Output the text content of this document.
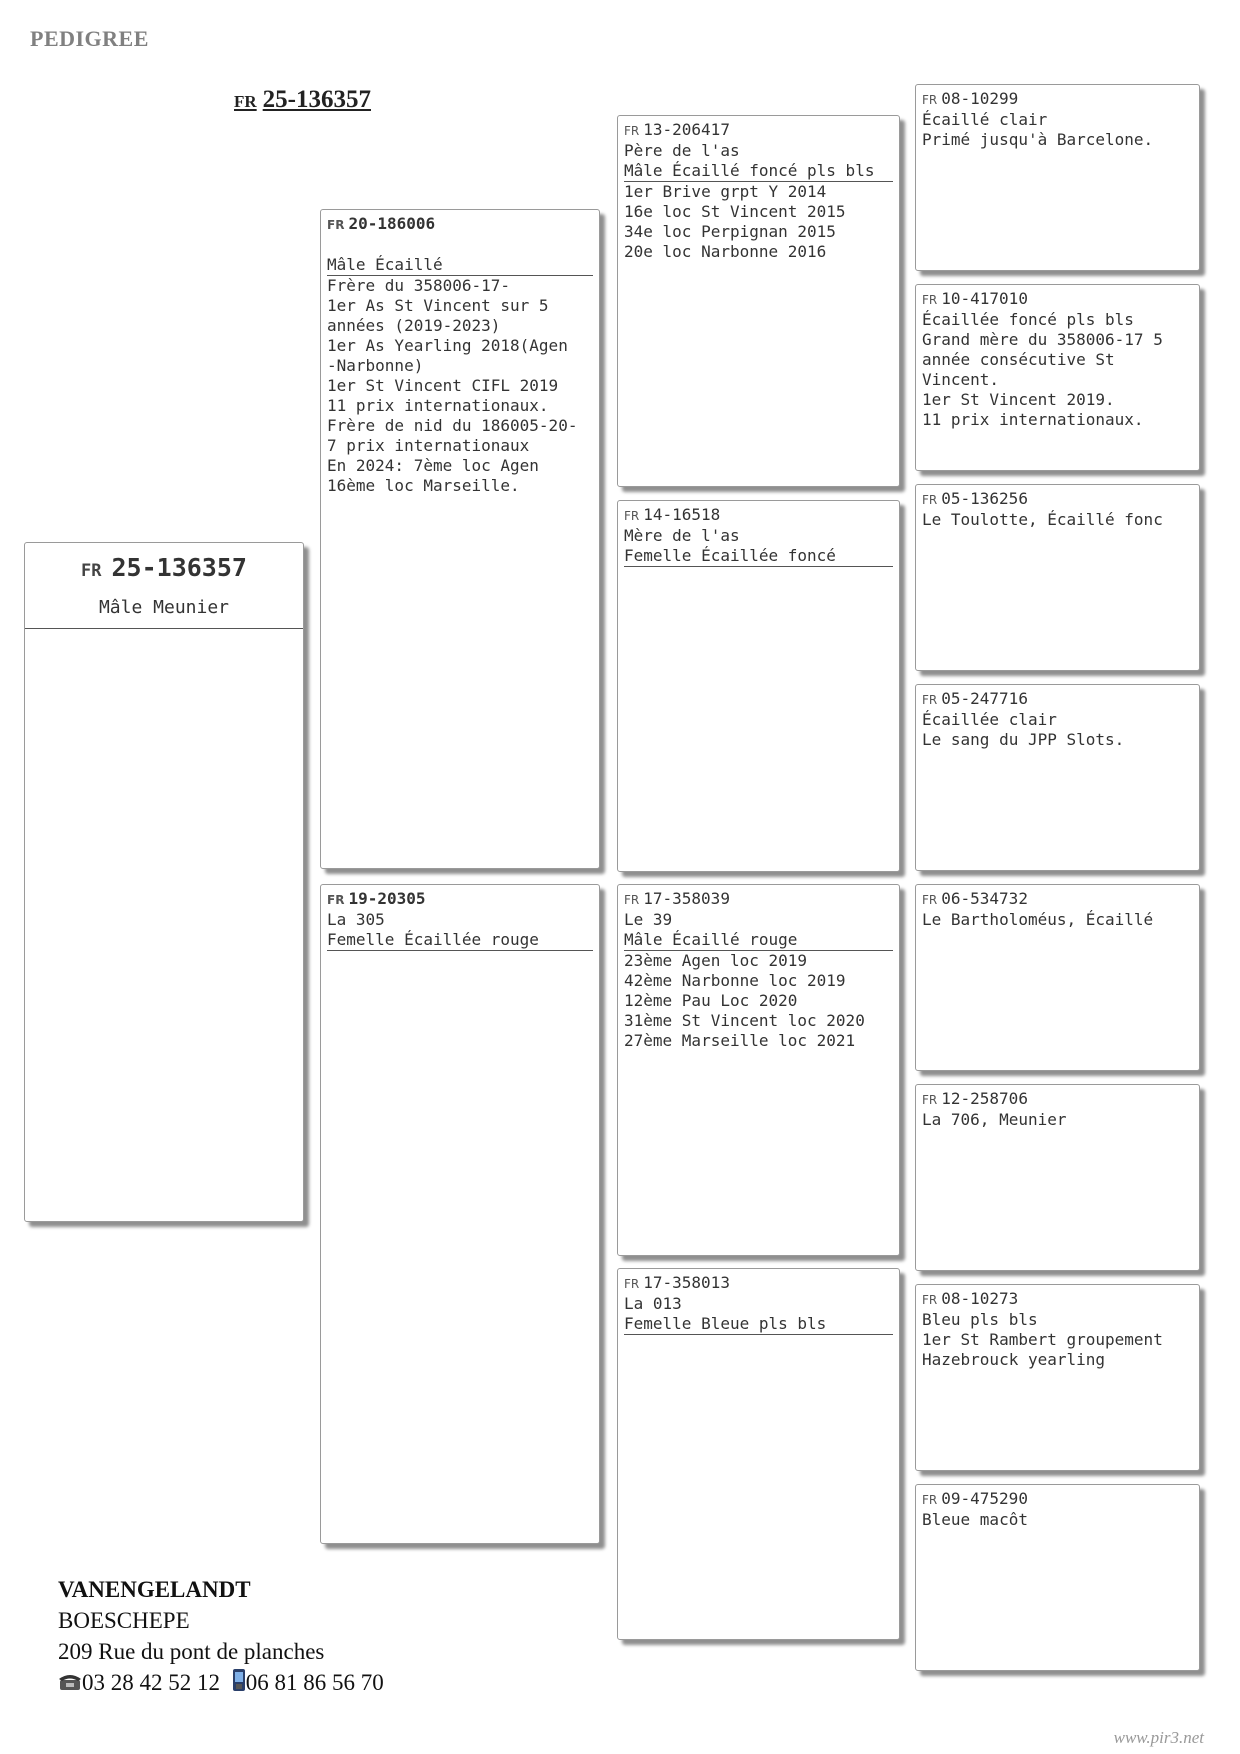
PEDIGREE
FR 25-136357
FR 25-136357
Mâle Meunier
FR 20-186006
Mâle Écaillé
Frère du 358006-17-
1er As St Vincent sur 5
années (2019-2023)
1er As Yearling 2018(Agen
-Narbonne)
1er St Vincent CIFL 2019
11 prix internationaux.
Frère de nid du 186005-20-
7 prix internationaux
En 2024: 7ème loc Agen
16ème loc Marseille.
FR 19-20305
La 305
Femelle Écaillée rouge
FR 13-206417
Père de l'as
Mâle Écaillé foncé pls bls
1er Brive grpt Y 2014
16e loc St Vincent 2015
34e loc Perpignan 2015
20e loc Narbonne 2016
FR 14-16518
Mère de l'as
Femelle Écaillée foncé
FR 17-358039
Le 39
Mâle Écaillé rouge
23ème Agen loc 2019
42ème Narbonne loc 2019
12ème Pau Loc 2020
31ème St Vincent loc 2020
27ème Marseille loc 2021
FR 17-358013
La 013
Femelle Bleue pls bls
FR 08-10299
Écaillé clair
Primé jusqu'à Barcelone.
FR 10-417010
Écaillée foncé pls bls
Grand mère du 358006-17 5
année consécutive St
Vincent.
1er St Vincent 2019.
11 prix internationaux.
FR 05-136256
Le Toulotte, Écaillé fonc
FR 05-247716
Écaillée clair
Le sang du JPP Slots.
FR 06-534732
Le Bartholoméus, Écaillé
FR 12-258706
La 706, Meunier
FR 08-10273
Bleu pls bls
1er St Rambert groupement
Hazebrouck yearling
FR 09-475290
Bleue macôt
VANENGELANDT
BOESCHEPE
209 Rue du pont de planches
03 28 42 52 12 06 81 86 56 70
www.pir3.net
